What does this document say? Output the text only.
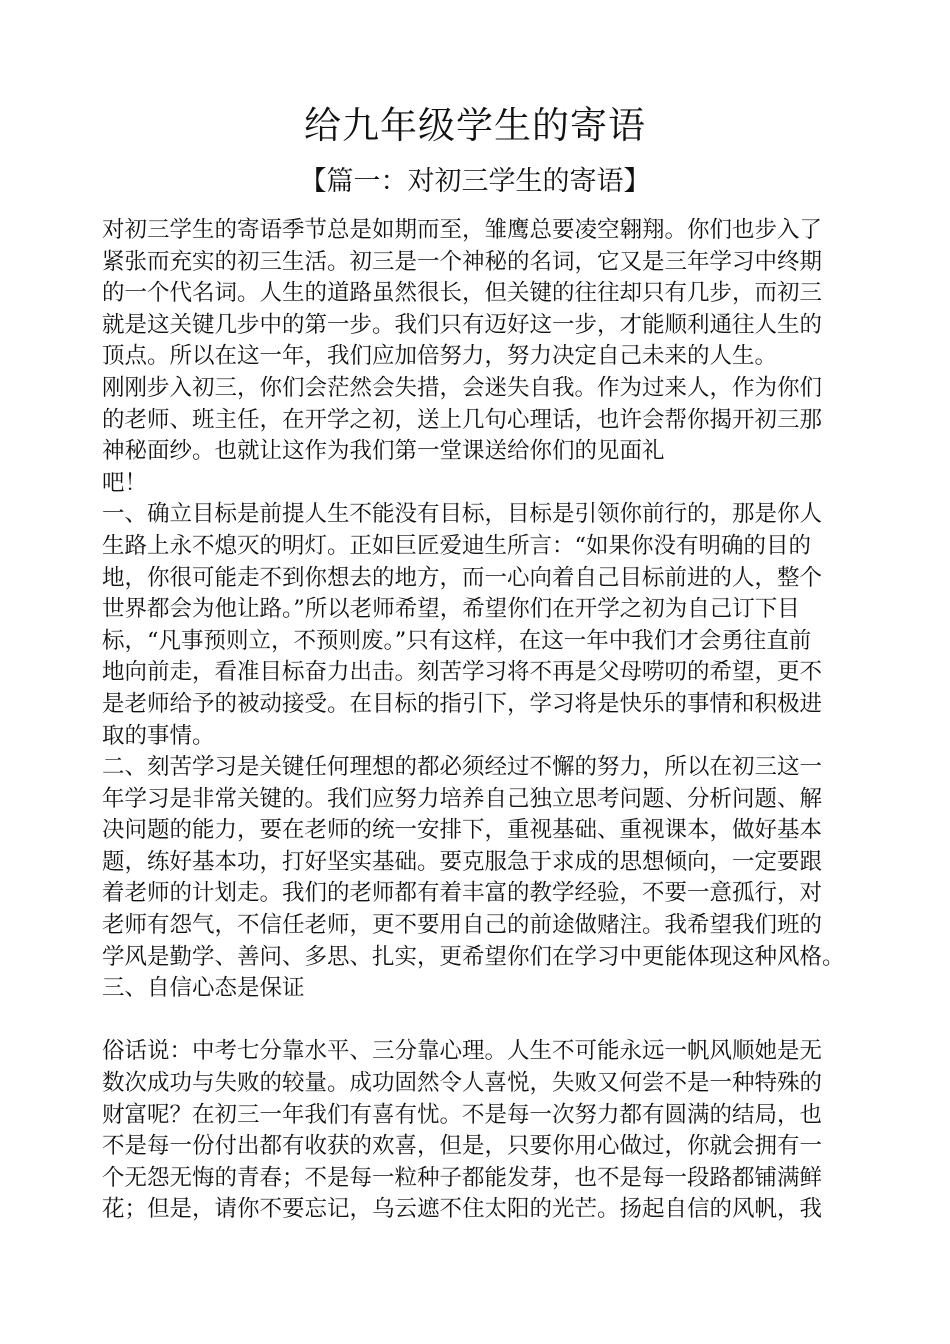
给九年级学生的寄语
【篇一：对初三学生的寄语】
对初三学生的寄语季节总是如期而至，雏鹰总要凌空翱翔。你们也步入了
紧张而充实的初三生活。初三是一个神秘的名词，它又是三年学习中终期
的一个代名词。人生的道路虽然很长，但关键的往往却只有几步，而初三
就是这关键几步中的第一步。我们只有迈好这一步，才能顺利通往人生的
顶点。所以在这一年，我们应加倍努力，努力决定自己未来的人生。
刚刚步入初三，你们会茫然会失措，会迷失自我。作为过来人，作为你们
的老师、班主任，在开学之初，送上几句心理话，也许会帮你揭开初三那
神秘面纱。也就让这作为我们第一堂课送给你们的见面礼
吧！
一、确立目标是前提人生不能没有目标，目标是引领你前行的，那是你人
生路上永不熄灭的明灯。正如巨匠爱迪生所言：“如果你没有明确的目的
地，你很可能走不到你想去的地方，而一心向着自己目标前进的人，整个
世界都会为他让路。”所以老师希望，希望你们在开学之初为自己订下目
标，“凡事预则立，不预则废。”只有这样，在这一年中我们才会勇往直前
地向前走，看准目标奋力出击。刻苦学习将不再是父母唠叨的希望，更不
是老师给予的被动接受。在目标的指引下，学习将是快乐的事情和积极进
取的事情。
二、刻苦学习是关键任何理想的都必须经过不懈的努力，所以在初三这一
年学习是非常关键的。我们应努力培养自己独立思考问题、分析问题、解
决问题的能力，要在老师的统一安排下，重视基础、重视课本，做好基本
题，练好基本功，打好坚实基础。要克服急于求成的思想倾向，一定要跟
着老师的计划走。我们的老师都有着丰富的教学经验，不要一意孤行，对
老师有怨气，不信任老师，更不要用自己的前途做赌注。我希望我们班的
学风是勤学、善问、多思、扎实，更希望你们在学习中更能体现这种风格。
三、自信心态是保证
俗话说：中考七分靠水平、三分靠心理。人生不可能永远一帆风顺她是无
数次成功与失败的较量。成功固然令人喜悦，失败又何尝不是一种特殊的
财富呢？在初三一年我们有喜有忧。不是每一次努力都有圆满的结局，也
不是每一份付出都有收获的欢喜，但是，只要你用心做过，你就会拥有一
个无怨无悔的青春；不是每一粒种子都能发芽，也不是每一段路都铺满鲜
花；但是，请你不要忘记，乌云遮不住太阳的光芒。扬起自信的风帆，我
